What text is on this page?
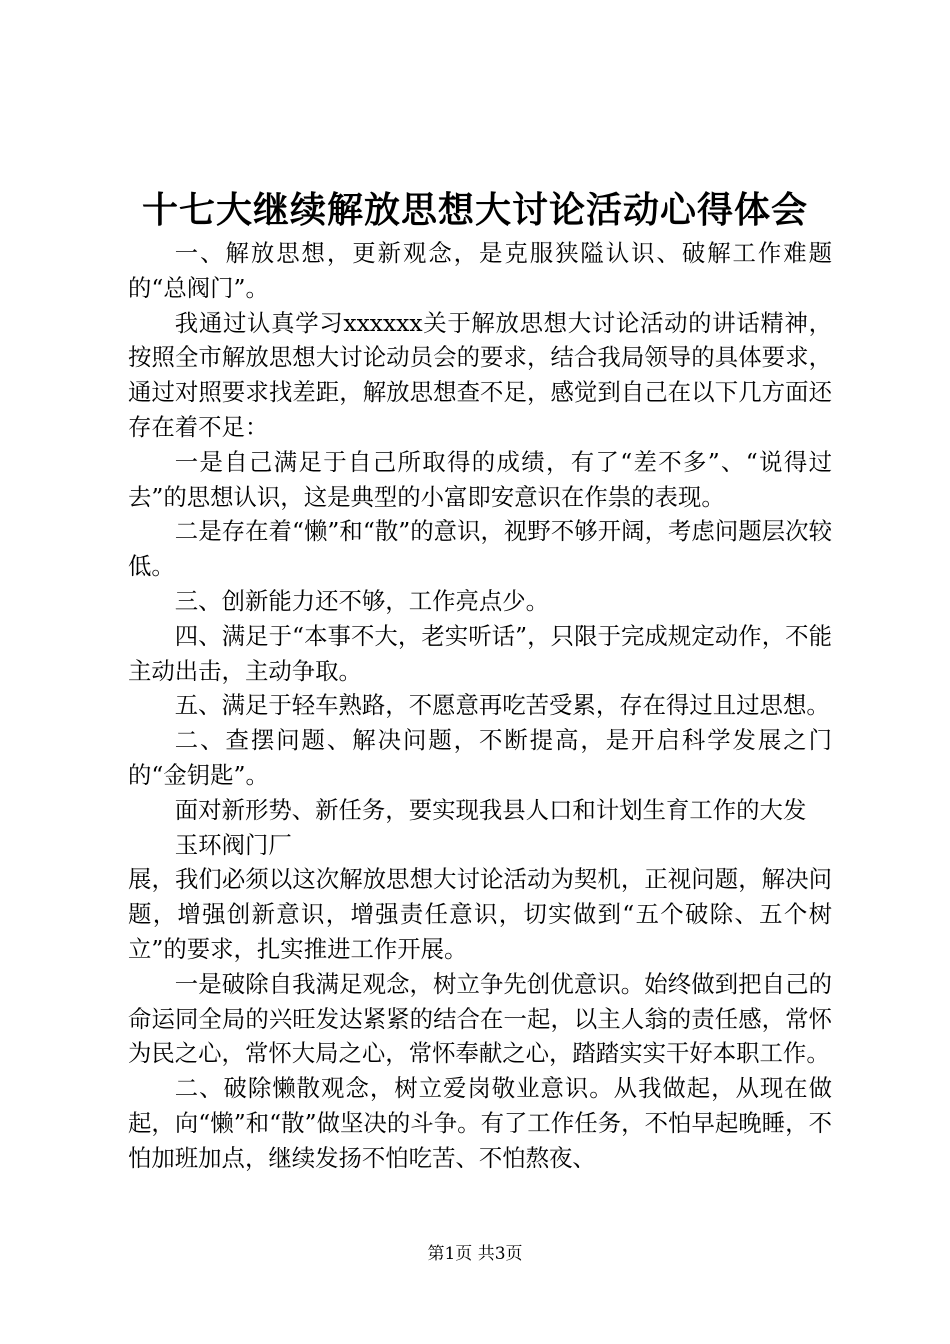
十七大继续解放思想大讨论活动心得体会

一、解放思想，更新观念，是克服狭隘认识、破解工作难题的“总阀门”。

我通过认真学习xxxxxx关于解放思想大讨论活动的讲话精神，按照全市解放思想大讨论动员会的要求，结合我局领导的具体要求，通过对照要求找差距，解放思想查不足，感觉到自己在以下几方面还存在着不足：

一是自己满足于自己所取得的成绩，有了“差不多”、“说得过去”的思想认识，这是典型的小富即安意识在作祟的表现。

二是存在着“懒”和“散”的意识，视野不够开阔，考虑问题层次较低。

三、创新能力还不够，工作亮点少。

四、满足于“本事不大，老实听话”，只限于完成规定动作，不能主动出击，主动争取。

五、满足于轻车熟路，不愿意再吃苦受累，存在得过且过思想。

二、查摆问题、解决问题，不断提高，是开启科学发展之门的“金钥匙”。

面对新形势、新任务，要实现我县人口和计划生育工作的大发

玉环阀门厂

展，我们必须以这次解放思想大讨论活动为契机，正视问题，解决问题，增强创新意识，增强责任意识，切实做到“五个破除、五个树立”的要求，扎实推进工作开展。

一是破除自我满足观念，树立争先创优意识。始终做到把自己的命运同全局的兴旺发达紧紧的结合在一起，以主人翁的责任感，常怀为民之心，常怀大局之心，常怀奉献之心，踏踏实实干好本职工作。

二、破除懒散观念，树立爱岗敬业意识。从我做起，从现在做起，向“懒”和“散”做坚决的斗争。有了工作任务，不怕早起晚睡，不怕加班加点，继续发扬不怕吃苦、不怕熬夜、

第1页 共3页
